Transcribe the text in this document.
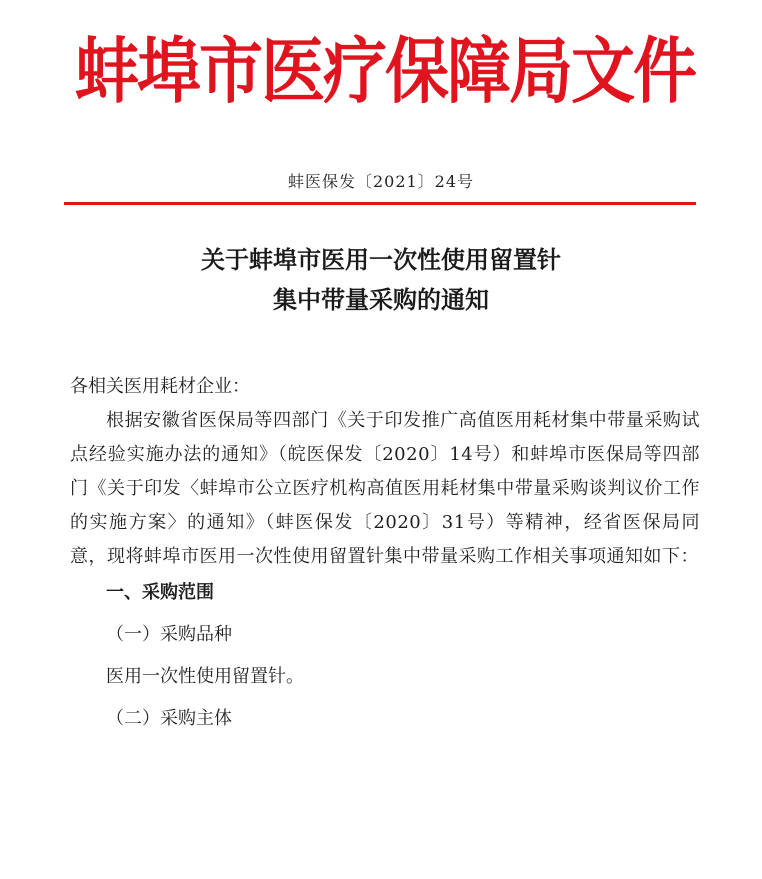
蚌埠市医疗保障局文件
蚌医保发〔2021〕24号
关于蚌埠市医用一次性使用留置针
集中带量采购的通知

各相关医用耗材企业：

根据安徽省医保局等四部门《关于印发推广高值医用耗材集中带量采购试点经验实施办法的通知》（皖医保发〔2020〕14号）和蚌埠市医保局等四部门《关于印发〈蚌埠市公立医疗机构高值医用耗材集中带量采购谈判议价工作的实施方案〉的通知》（蚌医保发〔2020〕31号）等精神，经省医保局同意，现将蚌埠市医用一次性使用留置针集中带量采购工作相关事项通知如下：

一、采购范围

（一）采购品种

医用一次性使用留置针。

（二）采购主体
